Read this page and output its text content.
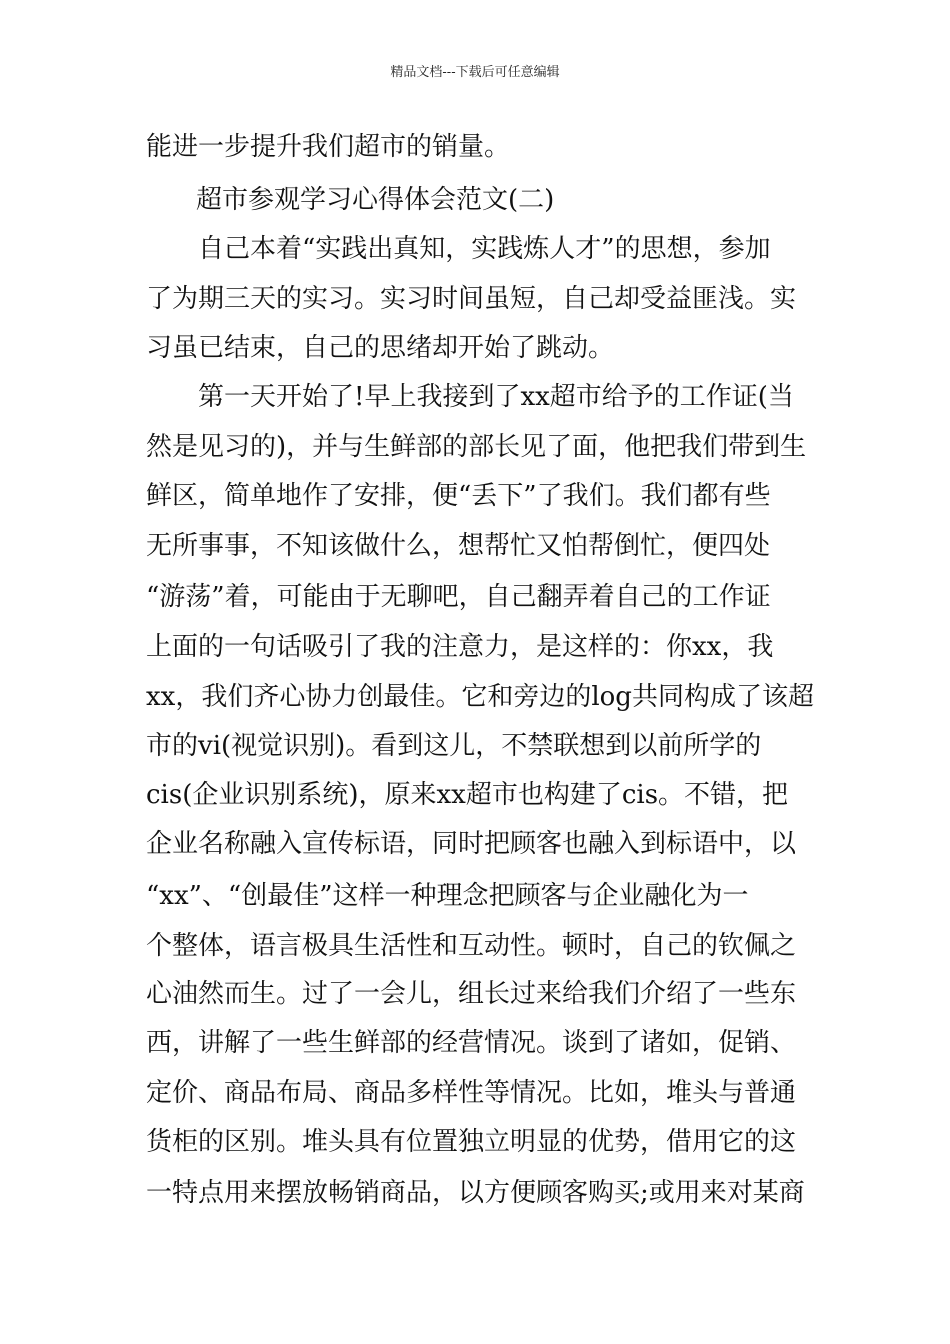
精品文档---下载后可任意编辑
能进一步提升我们超市的销量。
超市参观学习心得体会范文(二)
自己本着“实践出真知，实践炼人才”的思想，参加
了为期三天的实习。实习时间虽短，自己却受益匪浅。实
习虽已结束，自己的思绪却开始了跳动。
第一天开始了!早上我接到了xx超市给予的工作证(当
然是见习的)，并与生鲜部的部长见了面，他把我们带到生
鲜区，简单地作了安排，便“丢下”了我们。我们都有些
无所事事，不知该做什么，想帮忙又怕帮倒忙，便四处
“游荡”着，可能由于无聊吧，自己翻弄着自己的工作证
上面的一句话吸引了我的注意力，是这样的：你xx，我
xx，我们齐心协力创最佳。它和旁边的log共同构成了该超
市的vi(视觉识别)。看到这儿，不禁联想到以前所学的
cis(企业识别系统)，原来xx超市也构建了cis。不错，把
企业名称融入宣传标语，同时把顾客也融入到标语中，以
“xx”、“创最佳”这样一种理念把顾客与企业融化为一
个整体，语言极具生活性和互动性。顿时，自己的钦佩之
心油然而生。过了一会儿，组长过来给我们介绍了一些东
西，讲解了一些生鲜部的经营情况。谈到了诸如，促销、
定价、商品布局、商品多样性等情况。比如，堆头与普通
货柜的区别。堆头具有位置独立明显的优势，借用它的这
一特点用来摆放畅销商品，以方便顾客购买;或用来对某商
